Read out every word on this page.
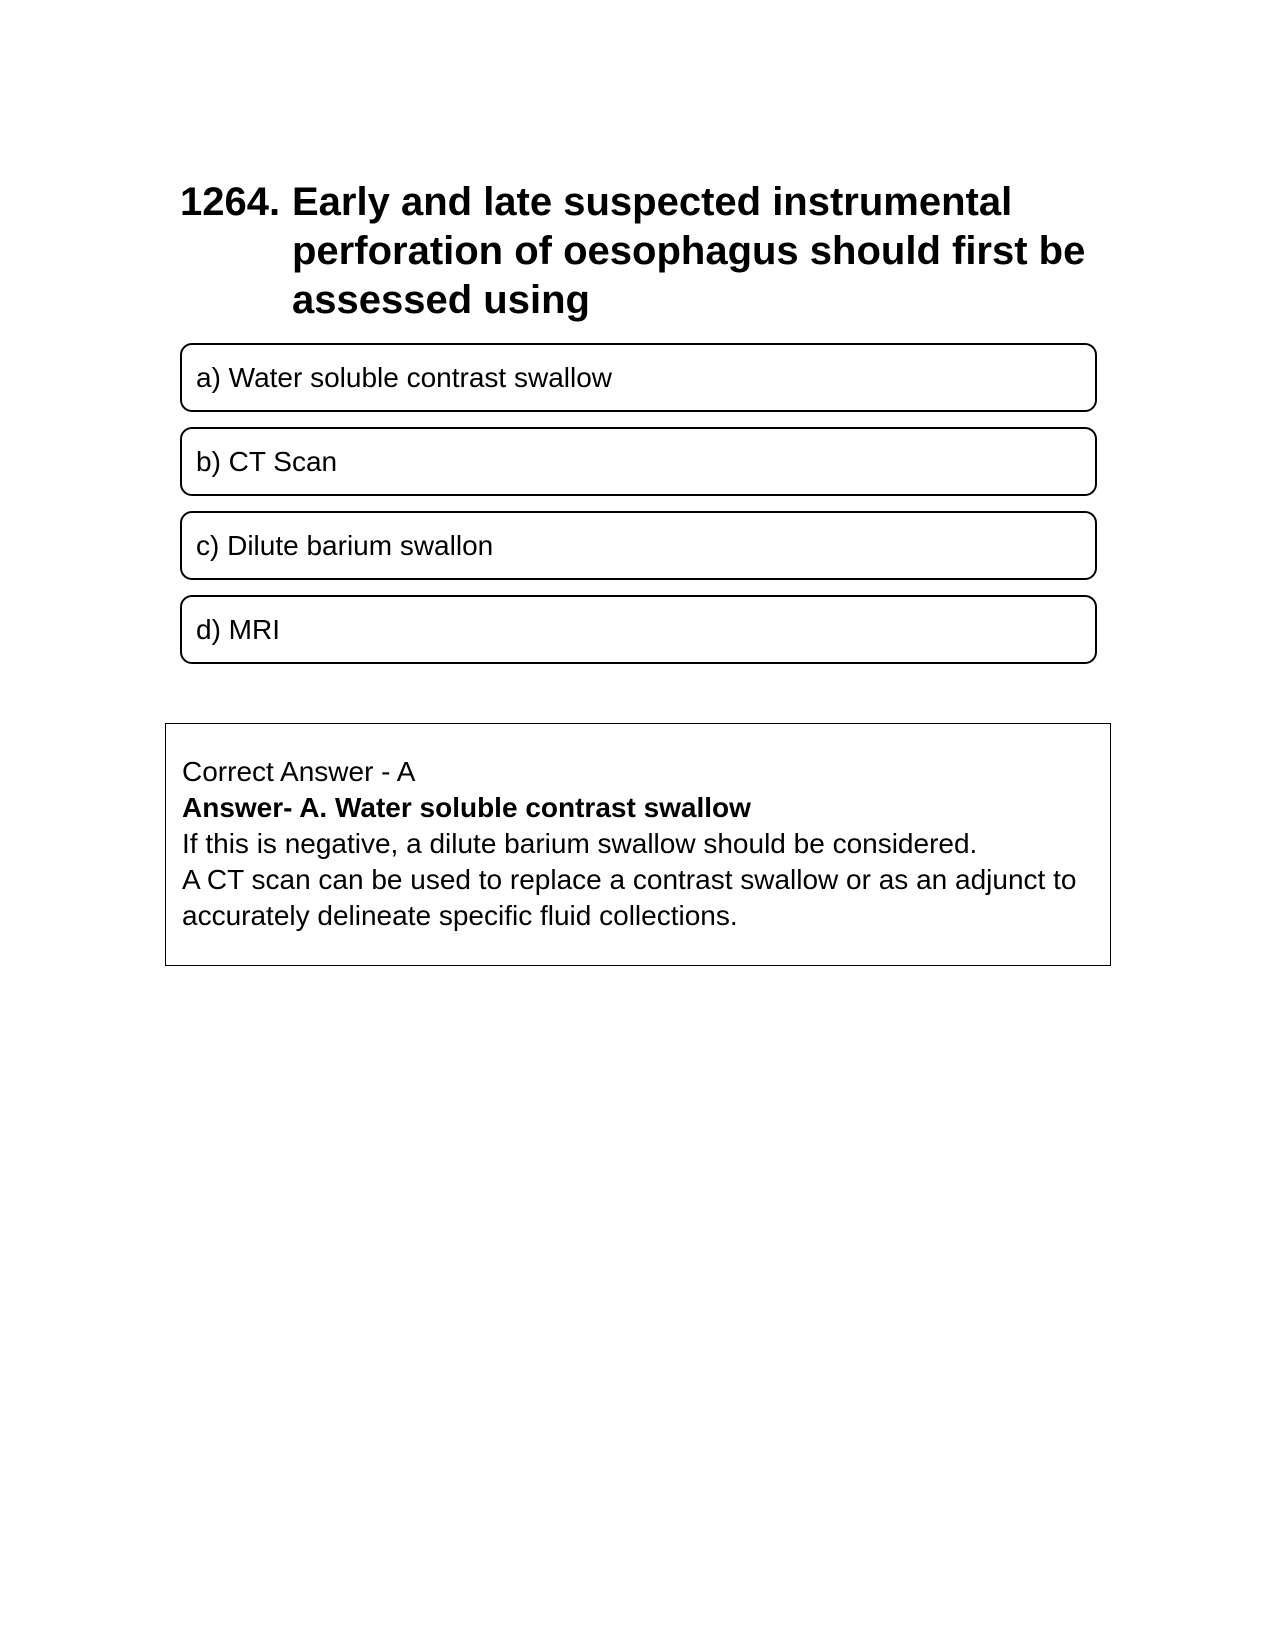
1264. Early and late suspected instrumental perforation of oesophagus should first be assessed using
a) Water soluble contrast swallow
b) CT Scan
c) Dilute barium swallon
d) MRI
Correct Answer - A
Answer- A. Water soluble contrast swallow
If this is negative, a dilute barium swallow should be considered.
A CT scan can be used to replace a contrast swallow or as an adjunct to accurately delineate specific fluid collections.
